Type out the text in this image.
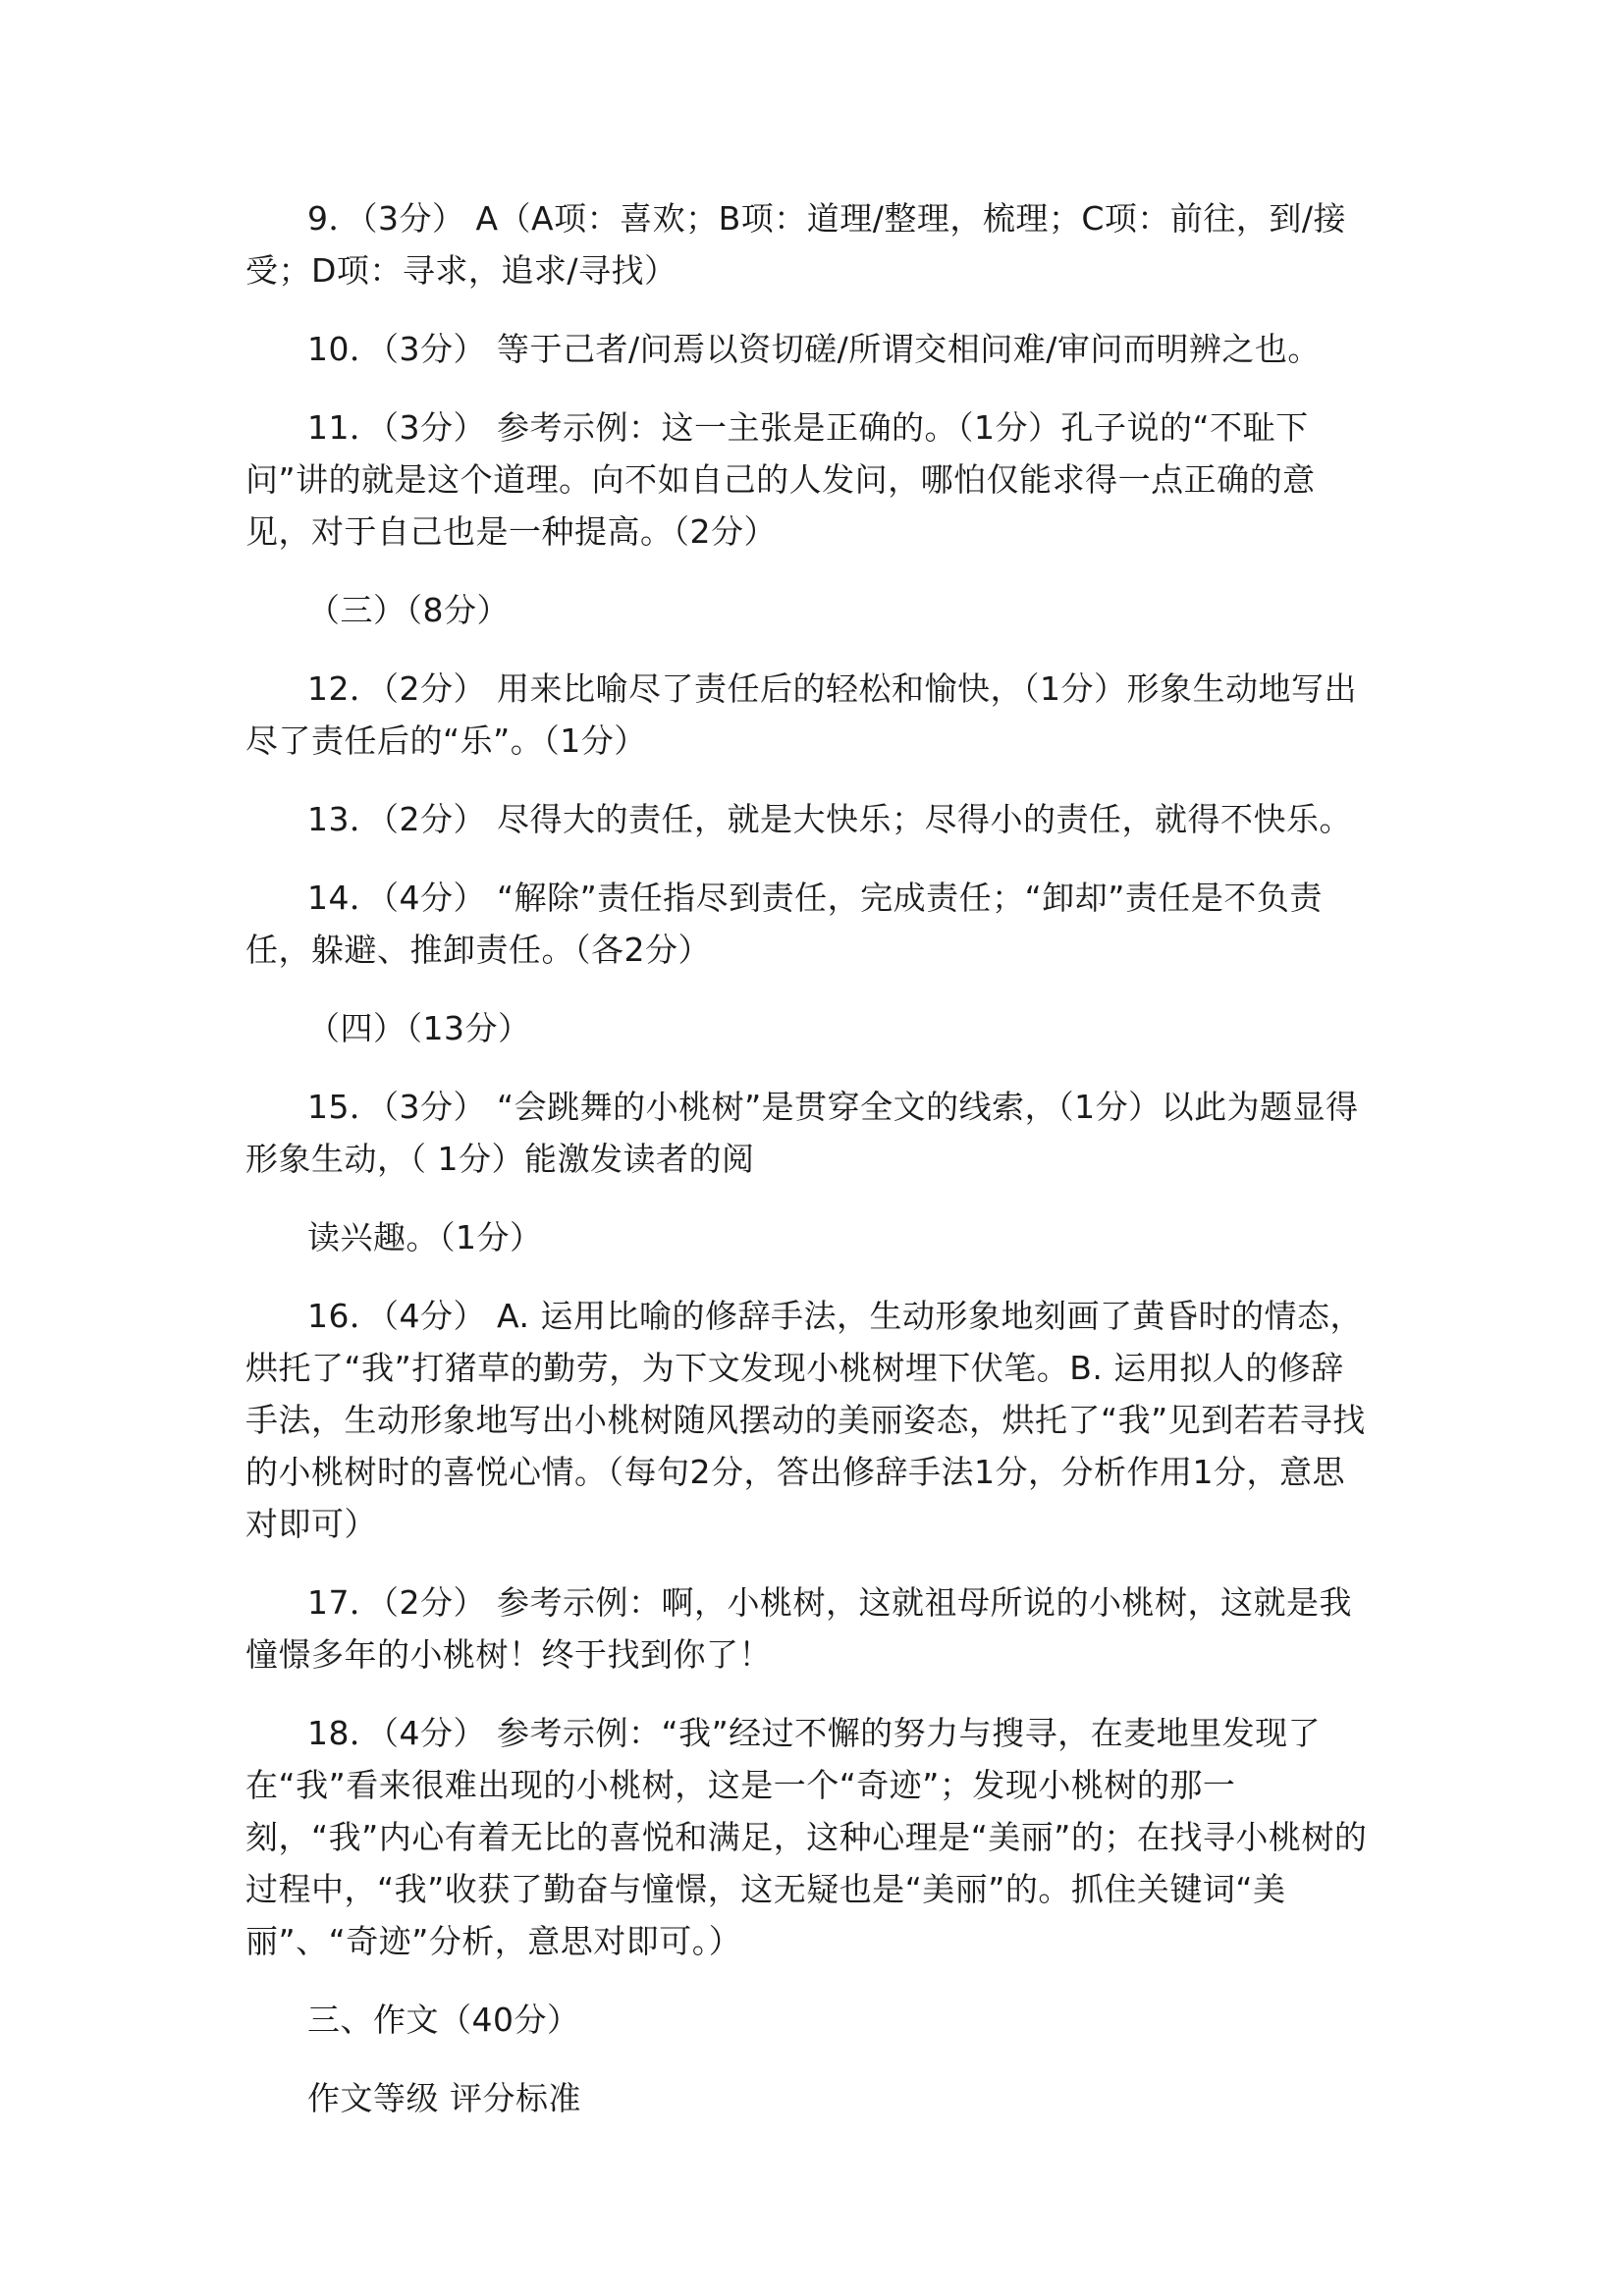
9．（3分） A（A项：喜欢；B项：道理/整理，梳理；C项：前往，到/接受；D项：寻求，追求/寻找）

10．（3分） 等于己者/问焉以资切磋/所谓交相问难/审问而明辨之也。

11．（3分） 参考示例：这一主张是正确的。（1分）孔子说的“不耻下问”讲的就是这个道理。向不如自己的人发问，哪怕仅能求得一点正确的意见，对于自己也是一种提高。（2分）

（三）（8分）

12．（2分） 用来比喻尽了责任后的轻松和愉快，（1分）形象生动地写出尽了责任后的“乐”。（1分）

13．（2分） 尽得大的责任，就是大快乐；尽得小的责任，就得不快乐。

14．（4分） “解除”责任指尽到责任，完成责任；“卸却”责任是不负责任，躲避、推卸责任。（各2分）

（四）（13分）

15．（3分） “会跳舞的小桃树”是贯穿全文的线索，（1分）以此为题显得形象生动，（ 1分）能激发读者的阅

读兴趣。（1分）

16．（4分） A. 运用比喻的修辞手法，生动形象地刻画了黄昏时的情态，烘托了“我”打猪草的勤劳，为下文发现小桃树埋下伏笔。B. 运用拟人的修辞手法，生动形象地写出小桃树随风摆动的美丽姿态，烘托了“我”见到若若寻找的小桃树时的喜悦心情。（每句2分，答出修辞手法1分，分析作用1分，意思对即可）

17．（2分） 参考示例：啊，小桃树，这就祖母所说的小桃树，这就是我憧憬多年的小桃树！终于找到你了！

18．（4分） 参考示例：“我”经过不懈的努力与搜寻，在麦地里发现了在“我”看来很难出现的小桃树，这是一个“奇迹”；发现小桃树的那一刻，“我”内心有着无比的喜悦和满足，这种心理是“美丽”的；在找寻小桃树的过程中，“我”收获了勤奋与憧憬，这无疑也是“美丽”的。抓住关键词“美丽”、“奇迹”分析，意思对即可。）

三、作文（40分）

作文等级 评分标准
